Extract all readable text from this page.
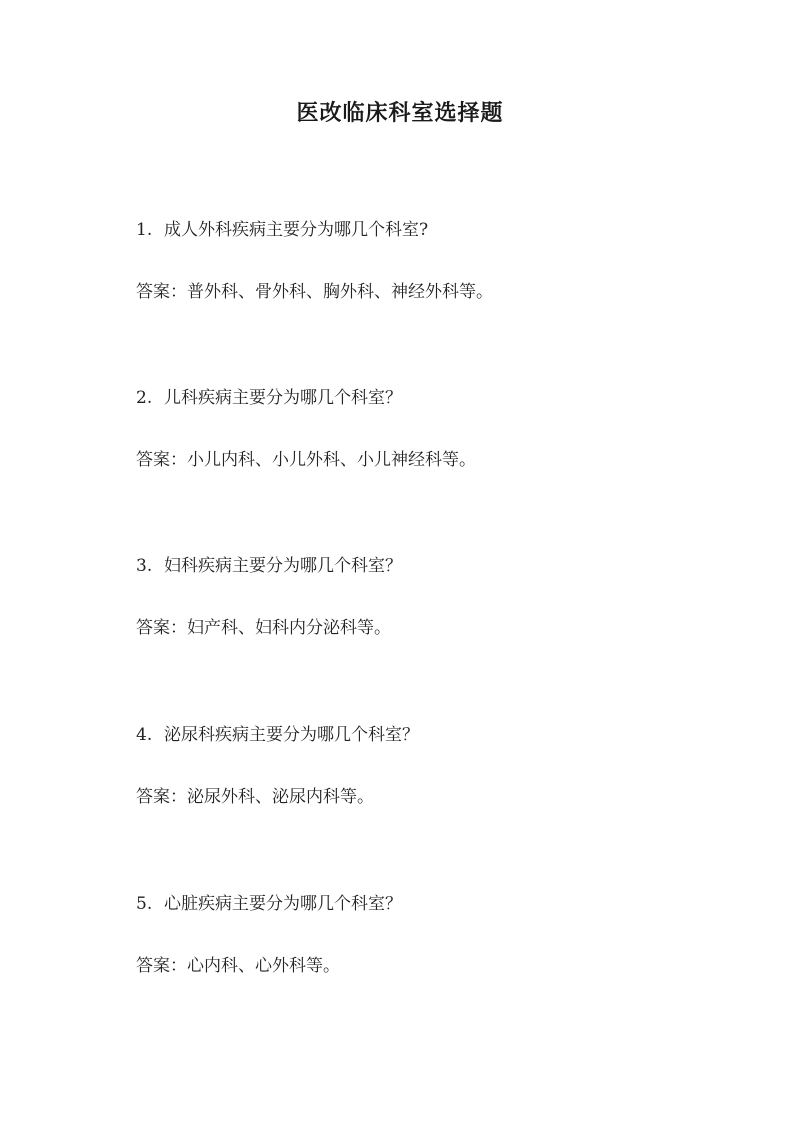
医改临床科室选择题
1. 成人外科疾病主要分为哪几个科室?
答案：普外科、骨外科、胸外科、神经外科等。
2. 儿科疾病主要分为哪几个科室？
答案：小儿内科、小儿外科、小儿神经科等。
3. 妇科疾病主要分为哪几个科室？
答案：妇产科、妇科内分泌科等。
4. 泌尿科疾病主要分为哪几个科室？
答案：泌尿外科、泌尿内科等。
5. 心脏疾病主要分为哪几个科室？
答案：心内科、心外科等。
